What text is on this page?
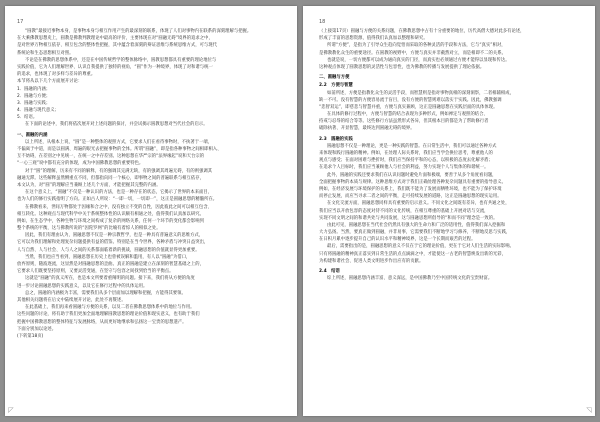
17
“圆教”最接近事物本身，是事物本身与相互作用产生的最深刻的联系，体现了人们对事物内在联系的深刻理解与把握。
在大乘佛教思想史上，圆教是佛教判教理论中最高的评价，主要体现在对“圆融无碍”境界的追求之中，
是对世界万物相互依存、相互包含的整体性把握，其中蕴含着深刻的辩证思维与系统思维方式，可与现代
系统论和生态思想相互对照。
不论是在佛教的思想体系中，还是在中国传统哲学的整体脉络中，圆教思想都具有重要的理论地位与
实践价值，它为人们理解世界、认识自我提供了独特的视角，“圆”作为一种境界，体现了对和谐与统一
的追求，也体现了对多样与差异的尊重。
本节将从以下几个方面展开讨论：
1．圆融的内涵；
2．圆融与方便；
3．圆融与实践；
4．圆融与现代意义；
5．结语。
在下面的论述中，我们将依次展开对上述问题的探讨，并尝试揭示圆教思想对当代社会的启示。
一、圆融的内涵
以上所述，从根本上说，“圆”是一种整体的观照方式，它要求人们在看待事物时，不执著于一端，
不偏离于中道，而是以圆满、周遍的眼光去把握事物的全体。所谓“圆融”，即是指各种事物之间相即相入、
互不妨碍，在差别之中见统一，在统一之中存差别。这种思想在华严宗的“法界缘起”说和天台宗的
“一心三观”说中都有充分的体现，成为中国佛教思想的重要特色。
对于“圆”的理解，历来有不同的解释，有的强调其完满无缺，有的强调其周遍无碍，有的则强调其
融通无滞。这些解释虽然侧重点不同，但都指向同一个核心，即事物之间的普遍联系与相互依存，
本文认为，对“圆”的理解应当兼顾上述几个方面，才能把握其完整的内涵。
在这个意义上，“圆融”不仅是一种认识的方法，也是一种存在的状态，它揭示了世界的本来面目，
也为人们的修行实践指明了方向。正如古人所说：“一即一切，一切即一”，这正是圆融思想的精髓所在。
在佛教看来，世间万物都处于因缘和合之中，没有独立不变的自性，因此彼此之间可以相互包含、
相互转化。这种观点与现代科学中关于系统整体性的认识颇有相通之处，值得我们认真加以研究。
例如，在生态学中，各种生物与环境之间构成了复杂的网络关系，任何一个环节的变化都会影响到
整个系统的平衡，这与佛教所说的“因陀罗网”的比喻有着惊人的相似之处。
因此，我们有理由认为，圆融思想不仅是一种宗教哲学，也是一种具有普遍意义的思维方式，
它可以为我们理解和处理复杂问题提供有益的借鉴。特别是在当今世界，各种矛盾与冲突日益突出，
人与自然、人与社会、人与人之间的关系都面临着新的挑战，圆融思想的价值就显得更加重要。
当然，我们也应当看到，圆融思想在历史上也曾被误解和滥用，有人以“圆融”为借口，
放弃原则，随波逐流，这显然是对圆融思想的歪曲。真正的圆融是建立在深刻的智慧基础之上的，
它要求人们既要坚持原则，又要灵活变通，在坚守与包容之间找到恰当的平衡点。
这就是“圆融”的真义所在，也是本文所要着重阐明的问题。接下来，我们将从方便的角度
进一步讨论圆融思想的实践意义，以及它在修行过程中的具体运用。
总之，圆融的内涵极为丰富，需要我们从多个层面加以理解和把握，方能得其要领。
其他相关问题将在后文中陆续展开讨论，此处不再赘述。
在此基础上，我们再来看圆融与方便的关系，以及二者在佛教思想体系中的地位与作用。
这些问题的讨论，将有助于我们更加全面地理解圆教思想的理论价值和现实意义，也有助于我们
把握中国佛教思想的整体特征与发展脉络，从而更好地继承和弘扬这一宝贵的思想遗产。
下面分别加以论述。
(下转第18页)
◸
18
（上接第17页）圆融与方便的关系问题，在佛教思想中占有十分重要的地位，历代高僧大德对此多有论述，
形成了丰富的思想资源，值得我们认真加以整理和研究。
所谓“方便”，是指为了引导众生趋向觉悟而采取的各种灵活的手段和方法，它与“真实”相对，
是佛教教化众生的重要途径。在圆教的视野中，方便与真实并非截然对立，而是相即不二的关系。
也就是说，一切方便都可以成为通向真实的门径，而真实也必须通过方便才能得以显现和传达。
这种观点体现了圆教思想的灵活性与包容性，也为佛教的传播与发展提供了理论依据。
二、圆融与方便
2.2　方便与智慧
如前所述，方便是指教化众生的灵活手段，而智慧则是指对事物真相的深刻洞察，二者相辅相成，
缺一不可。没有智慧的方便容易流于盲目，没有方便的智慧则难以落实于实践。因此，佛教强调
“悲智双运”，即慈悲与智慧并重，方便与真实兼顾，这正是圆融思想在实践层面的具体体现。
在具体的修行过程中，方便与智慧的结合表现为多种形式，例如禅定与观照的结合、
持戒与忍辱的结合等等。这些修行方法虽然形式各异，但其根本目的都是为了帮助修行者
破除执著、开显智慧，最终达到圆融无碍的境界。
2.3　圆融的实践
圆融思想不仅是一种理论，更是一种实践的智慧。在日常生活中，我们可以通过各种方式
来体现和践行圆融的精神。例如，在处理人际关系时，我们应当学会换位思考，尊重他人的
观点与感受；在面对困难与挫折时，我们应当保持平和的心态，以积极的态度去化解矛盾；
在追求个人目标时，我们应当兼顾他人与社会的利益，努力实现个人与集体的和谐统一。
此外，圆融的实践还要求我们在认识问题时避免片面和极端，要善于从多个角度看问题，
全面把握事物的本质与规律。这种思维方式对于我们正确处理各种复杂问题具有重要的指导意义。
例如，在经济发展与环境保护的关系上，我们既不能为了发展而牺牲环境，也不能为了保护环境
而停止发展，而应当寻求二者之间的平衡，走可持续发展的道路，这正是圆融思想的现实运用。
在文化交流方面，圆融思想同样具有重要的启示意义。不同文化之间既有差异，也有共通之处，
我们应当以开放包容的态度对待不同的文化传统，在相互尊重的基础上开展对话与交流，
实现不同文明之间的和谐共处与共同发展，这与圆融思想所倡导的“和而不同”理念是一致的。
由此可见，圆融思想在当代社会仍然具有强大的生命力和广泛的适用性，值得我们深入挖掘和
大力弘扬。当然，要真正做到圆融，并非易事，它需要我们不断地学习与修养，不断地反思与实践，
在日积月累中逐步提升自己的认识水平和精神境界，这是一个长期而艰苦的过程。
最后，需要指出的是，圆融思想的意义不仅在于它的理论价值，更在于它对人们生活的实际影响。
只有将圆融的精神真正落实到日常生活的点点滴滴之中，才能使这一古老的智慧焕发出新的光彩，
为构建和谐社会、促进人类文明进步作出应有的贡献。
2.4　结语
综上所述，圆融思想内涵丰富、意义深远，是中国佛教乃至中国传统文化的宝贵财富。
◹
